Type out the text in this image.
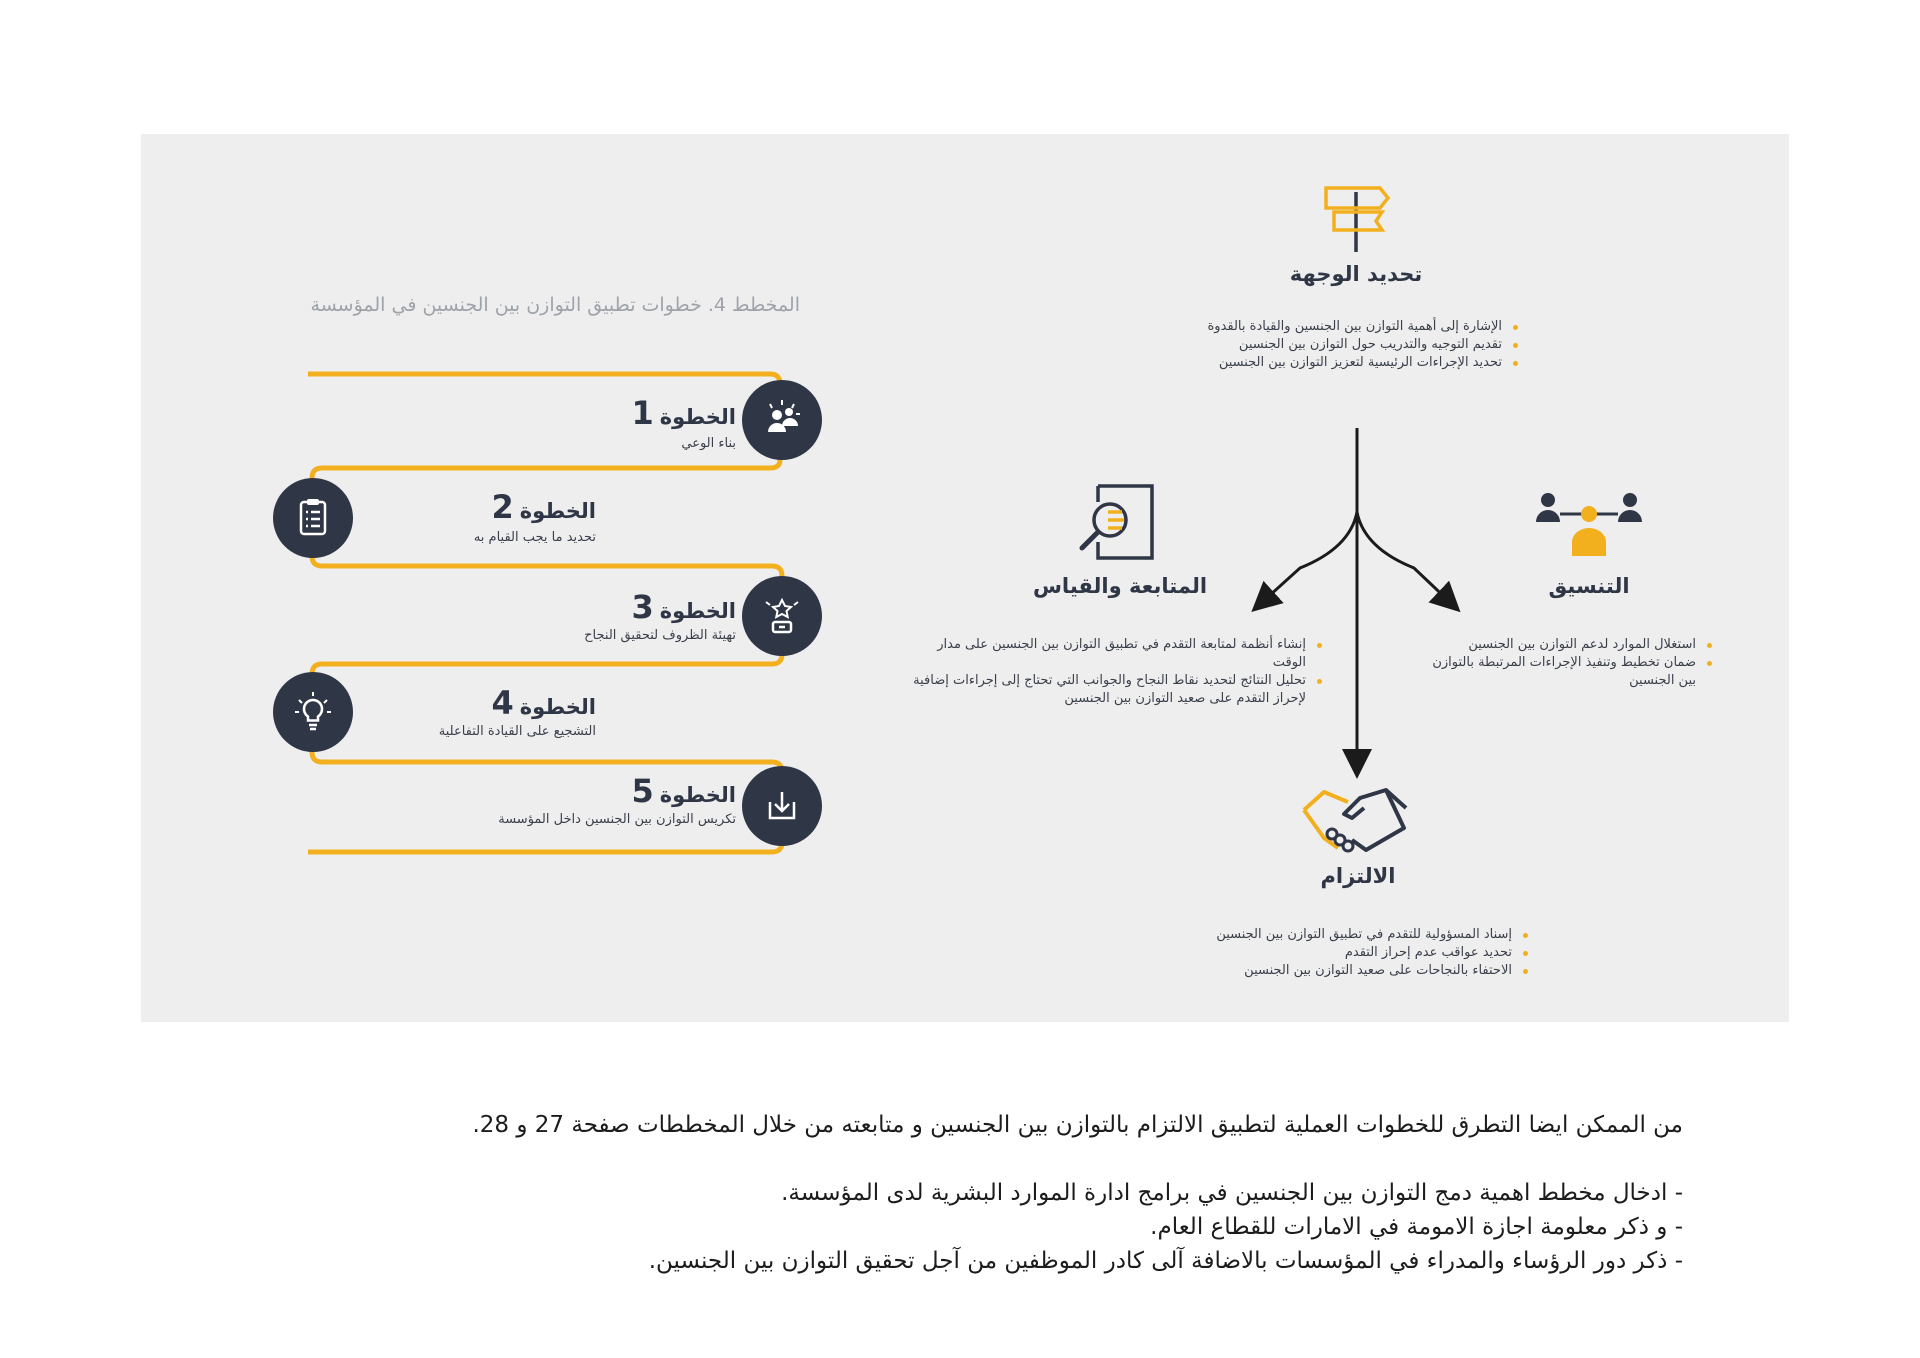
المخطط 4. خطوات تطبيق التوازن بين الجنسين في المؤسسة
الخطوة1
بناء الوعي
الخطوة2
تحديد ما يجب القيام به
الخطوة3
تهيئة الظروف لتحقيق النجاح
الخطوة4
التشجيع على القيادة التفاعلية
الخطوة5
تكريس التوازن بين الجنسين داخل المؤسسة
تحديد الوجهة
الإشارة إلى أهمية التوازن بين الجنسين والقيادة بالقدوة
تقديم التوجيه والتدريب حول التوازن بين الجنسين
تحديد الإجراءات الرئيسية لتعزيز التوازن بين الجنسين
المتابعة والقياس
إنشاء أنظمة لمتابعة التقدم في تطبيق التوازن بين الجنسين على مدار الوقت
تحليل النتائج لتحديد نقاط النجاح والجوانب التي تحتاج إلى إجراءات إضافية لإحراز التقدم على صعيد التوازن بين الجنسين
التنسيق
استغلال الموارد لدعم التوازن بين الجنسين
ضمان تخطيط وتنفيذ الإجراءات المرتبطة بالتوازن بين الجنسين
الالتزام
إسناد المسؤولية للتقدم في تطبيق التوازن بين الجنسين
تحديد عواقب عدم إحراز التقدم
الاحتفاء بالنجاحات على صعيد التوازن بين الجنسين
من الممكن ايضا التطرق للخطوات العملية لتطبيق الالتزام بالتوازن بين الجنسين و متابعته من خلال المخططات صفحة 27 و 28.
- ادخال مخطط اهمية دمج التوازن بين الجنسين في برامج ادارة الموارد البشرية لدى المؤسسة.
- و ذكر معلومة اجازة الامومة في الامارات للقطاع العام.
- ذكر دور الرؤساء والمدراء في المؤسسات بالاضافة آلى كادر الموظفين من آجل تحقيق التوازن بين الجنسين.
